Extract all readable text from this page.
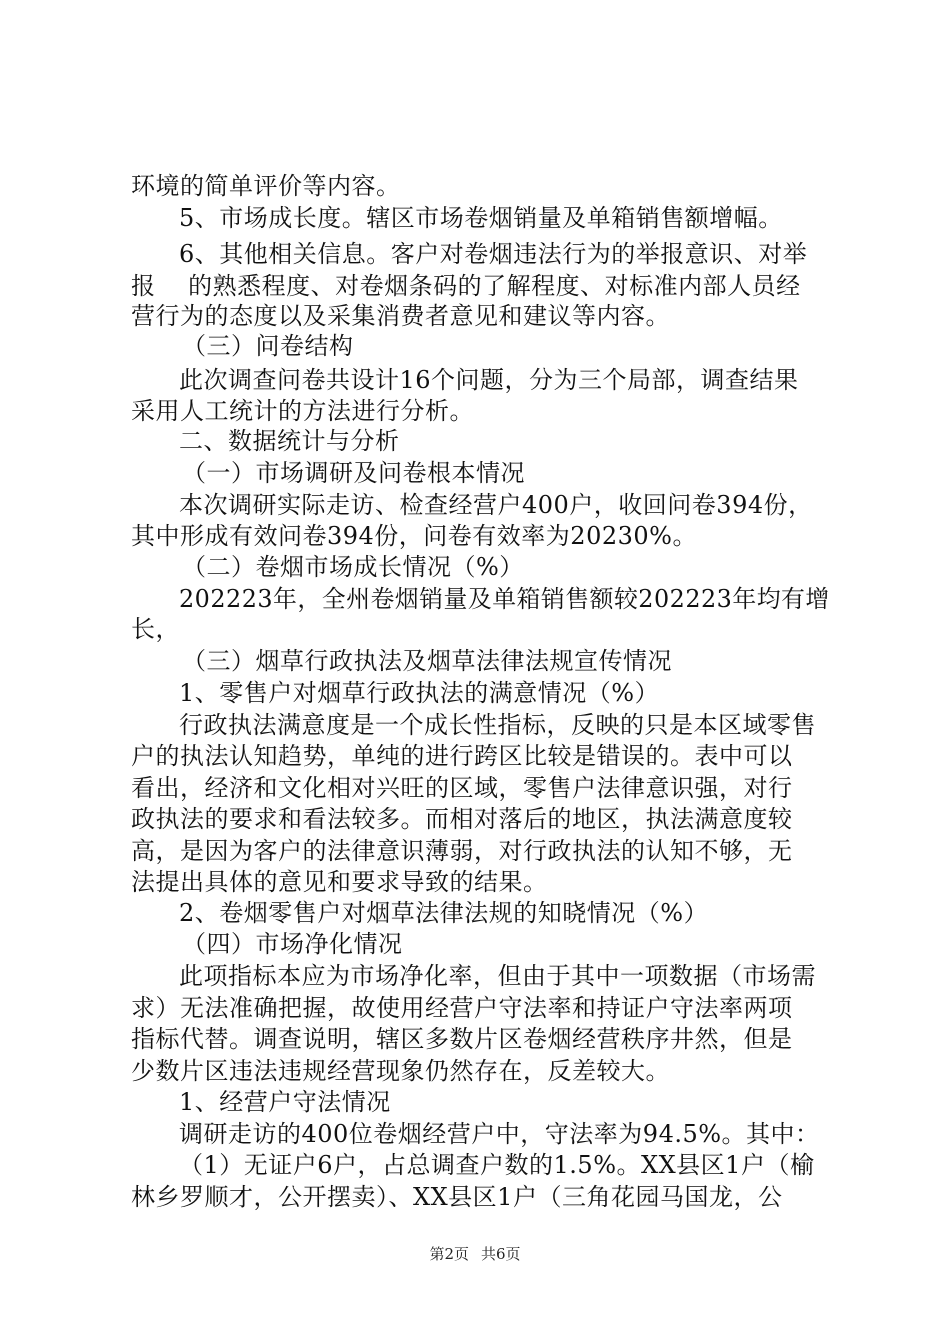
环境的简单评价等内容。
5、市场成长度。辖区市场卷烟销量及单箱销售额增幅。
6、其他相关信息。客户对卷烟违法行为的举报意识、对举
报　 的熟悉程度、对卷烟条码的了解程度、对标准内部人员经
营行为的态度以及采集消费者意见和建议等内容。
（三）问卷结构
此次调查问卷共设计16个问题，分为三个局部，调查结果
采用人工统计的方法进行分析。
二、数据统计与分析
（一）市场调研及问卷根本情况
本次调研实际走访、检查经营户400户，收回问卷394份，
其中形成有效问卷394份，问卷有效率为20230%。
（二）卷烟市场成长情况（%）
202223年，全州卷烟销量及单箱销售额较202223年均有增
长，
（三）烟草行政执法及烟草法律法规宣传情况
1、零售户对烟草行政执法的满意情况（%）
行政执法满意度是一个成长性指标，反映的只是本区域零售
户的执法认知趋势，单纯的进行跨区比较是错误的。表中可以
看出，经济和文化相对兴旺的区域，零售户法律意识强，对行
政执法的要求和看法较多。而相对落后的地区，执法满意度较
高，是因为客户的法律意识薄弱，对行政执法的认知不够，无
法提出具体的意见和要求导致的结果。
2、卷烟零售户对烟草法律法规的知晓情况（%）
（四）市场净化情况
此项指标本应为市场净化率，但由于其中一项数据（市场需
求）无法准确把握，故使用经营户守法率和持证户守法率两项
指标代替。调查说明，辖区多数片区卷烟经营秩序井然，但是
少数片区违法违规经营现象仍然存在，反差较大。
1、经营户守法情况
调研走访的400位卷烟经营户中，守法率为94.5%。其中：
（1）无证户6户，占总调查户数的1.5%。XX县区1户（榆
林乡罗顺才，公开摆卖）、XX县区1户（三角花园马国龙，公
第2页 共6页
